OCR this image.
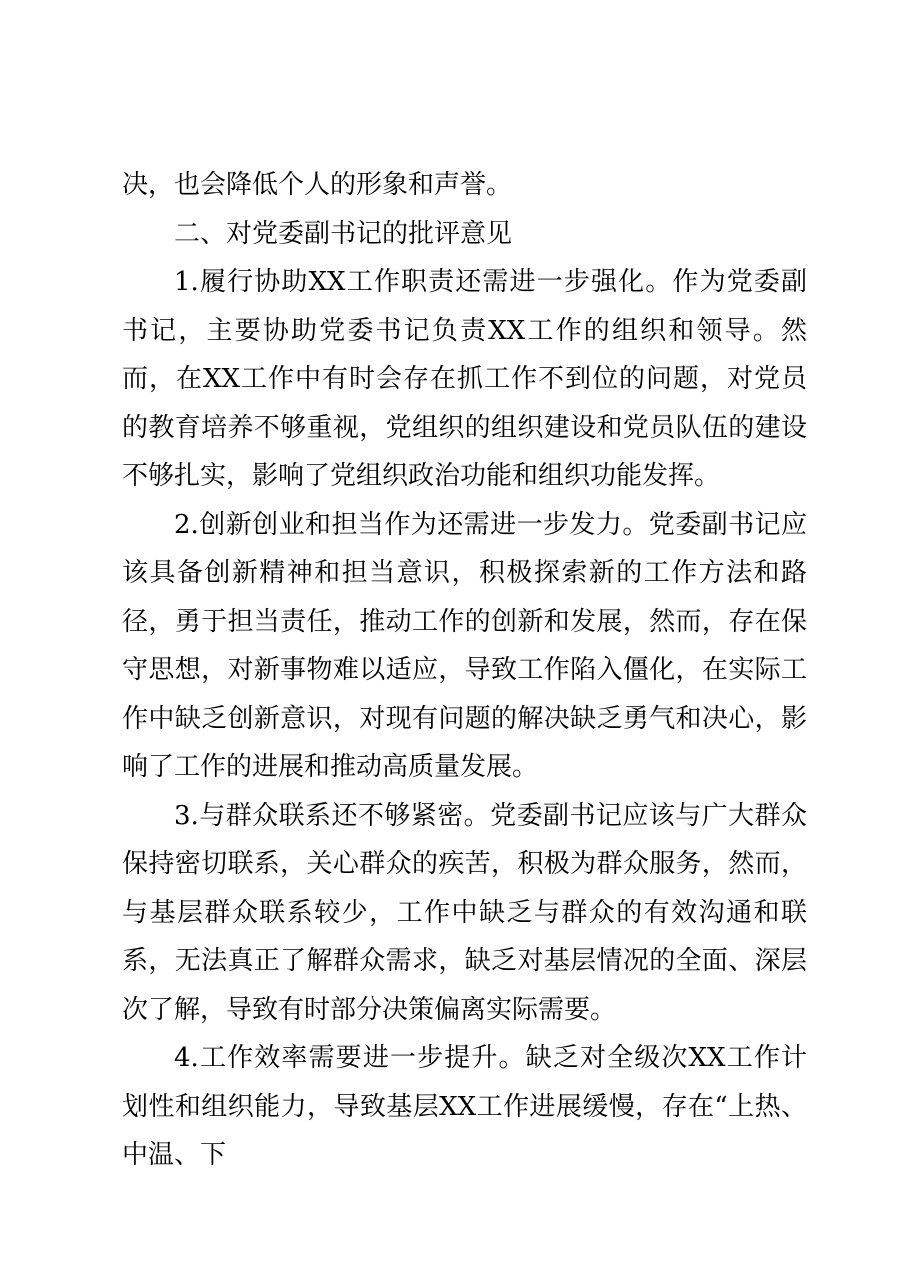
决，也会降低个人的形象和声誉。

二、对党委副书记的批评意见

1.履行协助XX工作职责还需进一步强化。作为党委副书记，主要协助党委书记负责XX工作的组织和领导。然而，在XX工作中有时会存在抓工作不到位的问题，对党员的教育培养不够重视，党组织的组织建设和党员队伍的建设不够扎实，影响了党组织政治功能和组织功能发挥。

2.创新创业和担当作为还需进一步发力。党委副书记应该具备创新精神和担当意识，积极探索新的工作方法和路径，勇于担当责任，推动工作的创新和发展，然而，存在保守思想，对新事物难以适应，导致工作陷入僵化，在实际工作中缺乏创新意识，对现有问题的解决缺乏勇气和决心，影响了工作的进展和推动高质量发展。

3.与群众联系还不够紧密。党委副书记应该与广大群众保持密切联系，关心群众的疾苦，积极为群众服务，然而，与基层群众联系较少，工作中缺乏与群众的有效沟通和联系，无法真正了解群众需求，缺乏对基层情况的全面、深层次了解，导致有时部分决策偏离实际需要。

4.工作效率需要进一步提升。缺乏对全级次XX工作计划性和组织能力，导致基层XX工作进展缓慢，存在“上热、中温、下
